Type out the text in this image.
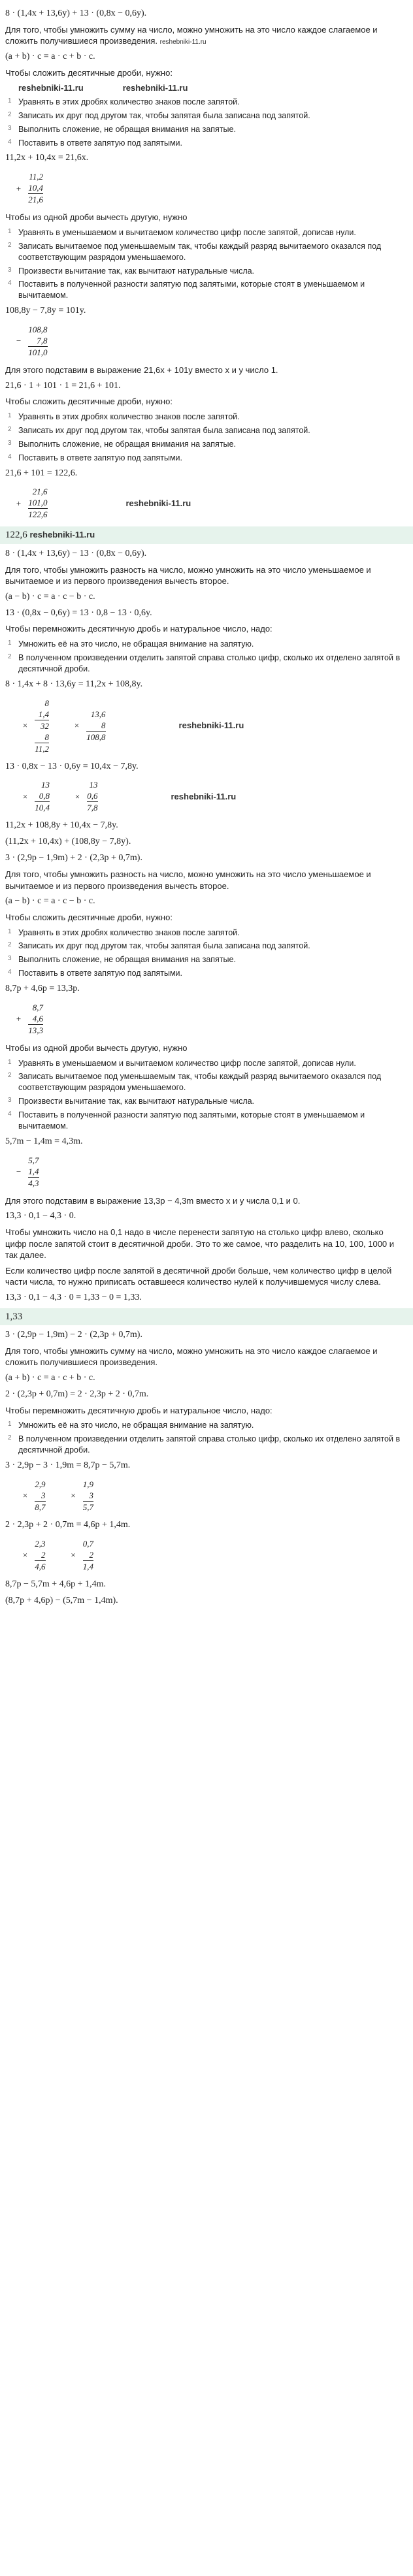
8 · (1,4x + 13,6y) + 13 · (0,8x − 0,6y).
Для того, чтобы умножить сумму на число, можно умножить на это число каждое слагаемое и сложить получившиеся произведения. reshebniki-11.ru
(a + b) · c = a · c + b · c.
Чтобы сложить десятичные дроби, нужно:
reshebniki-11.ru	reshebniki-11.ru
1 Уравнять в этих дробях количество знаков после запятой.
2 Записать их друг под другом так, чтобы запятая была записана под запятой.
3 Выполнить сложение, не обращая внимания на запятые.
4 Поставить в ответе запятую под запятыми.
11,2x + 10,4x = 21,6x.
+
11,2
10,4
21,6
Чтобы из одной дроби вычесть другую, нужно
1 Уравнять в уменьшаемом и вычитаемом количество цифр после запятой, дописав нули.
2 Записать вычитаемое под уменьшаемым так, чтобы каждый разряд вычитаемого оказался под соответствующим разрядом уменьшаемого.
3 Произвести вычитание так, как вычитают натуральные числа.
4 Поставить в полученной разности запятую под запятыми, которые стоят в уменьшаемом и вычитаемом.
108,8y − 7,8y = 101y.
−
108,8
7,8
101,0
Для этого подставим в выражение 21,6x + 101y вместо x и y число 1.
21,6 · 1 + 101 · 1 = 21,6 + 101.
Чтобы сложить десятичные дроби, нужно:
1 Уравнять в этих дробях количество знаков после запятой.
2 Записать их друг под другом так, чтобы запятая была записана под запятой.
3 Выполнить сложение, не обращая внимания на запятые.
4 Поставить в ответе запятую под запятыми.
21,6 + 101 = 122,6.
+
21,6
101,0
122,6
reshebniki-11.ru
122,6 reshebniki-11.ru
8 · (1,4x + 13,6y) − 13 · (0,8x − 0,6y).
Для того, чтобы умножить разность на число, можно умножить на это число уменьшаемое и вычитаемое и из первого произведения вычесть второе.
(a − b) · c = a · c − b · c.
13 · (0,8x − 0,6y) = 13 · 0,8 − 13 · 0,6y.
Чтобы перемножить десятичную дробь и натуральное число, надо:
1 Умножить её на это число, не обращая внимание на запятую.
2 В полученном произведении отделить запятой справа столько цифр, сколько их отделено запятой в десятичной дроби.
8 · 1,4x + 8 · 13,6y = 11,2x + 108,8y.
×
8
1,4
32
8
11,2
×
13,6
8
108,8
reshebniki-11.ru
13 · 0,8x − 13 · 0,6y = 10,4x − 7,8y.
×
13
0,8
10,4
×
13
0,6
7,8
reshebniki-11.ru
11,2x + 108,8y + 10,4x − 7,8y.
(11,2x + 10,4x) + (108,8y − 7,8y).
3 · (2,9p − 1,9m) + 2 · (2,3p + 0,7m).
Для того, чтобы умножить разность на число, можно умножить на это число уменьшаемое и вычитаемое и из первого произведения вычесть второе.
(a − b) · c = a · c − b · c.
Чтобы сложить десятичные дроби, нужно:
1 Уравнять в этих дробях количество знаков после запятой.
2 Записать их друг под другом так, чтобы запятая была записана под запятой.
3 Выполнить сложение, не обращая внимания на запятые.
4 Поставить в ответе запятую под запятыми.
8,7p + 4,6p = 13,3p.
+
8,7
4,6
13,3
Чтобы из одной дроби вычесть другую, нужно
1 Уравнять в уменьшаемом и вычитаемом количество цифр после запятой, дописав нули.
2 Записать вычитаемое под уменьшаемым так, чтобы каждый разряд вычитаемого оказался под соответствующим разрядом уменьшаемого.
3 Произвести вычитание так, как вычитают натуральные числа.
4 Поставить в полученной разности запятую под запятыми, которые стоят в уменьшаемом и вычитаемом.
5,7m − 1,4m = 4,3m.
−
5,7
1,4
4,3
Для этого подставим в выражение 13,3p − 4,3m вместо x и y числа 0,1 и 0.
13,3 · 0,1 − 4,3 · 0.
Чтобы умножить число на 0,1 надо в числе перенести запятую на столько цифр влево, сколько цифр после запятой стоит в десятичной дроби. Это то же самое, что разделить на 10, 100, 1000 и так далее.
Если количество цифр после запятой в десятичной дроби больше, чем количество цифр в целой части числа, то нужно приписать оставшееся количество нулей к получившемуся числу слева.
13,3 · 0,1 − 4,3 · 0 = 1,33 − 0 = 1,33.
1,33
3 · (2,9p − 1,9m) − 2 · (2,3p + 0,7m).
Для того, чтобы умножить сумму на число, можно умножить на это число каждое слагаемое и сложить получившиеся произведения.
(a + b) · c = a · c + b · c.
2 · (2,3p + 0,7m) = 2 · 2,3p + 2 · 0,7m.
Чтобы перемножить десятичную дробь и натуральное число, надо:
1 Умножить её на это число, не обращая внимание на запятую.
2 В полученном произведении отделить запятой справа столько цифр, сколько их отделено запятой в десятичной дроби.
3 · 2,9p − 3 · 1,9m = 8,7p − 5,7m.
×
2,9
3
8,7
×
1,9
3
5,7
2 · 2,3p + 2 · 0,7m = 4,6p + 1,4m.
×
2,3
2
4,6
×
0,7
2
1,4
8,7p − 5,7m + 4,6p + 1,4m.
(8,7p + 4,6p) − (5,7m − 1,4m).
